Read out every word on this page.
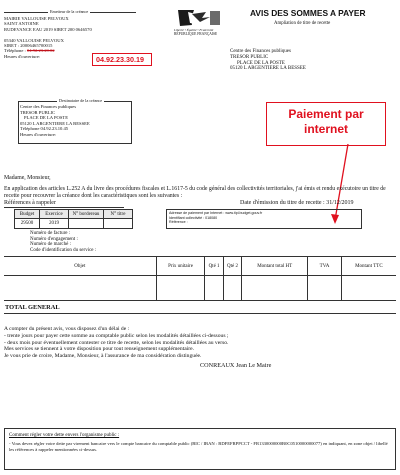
Emetteur de la créance
MAIRIE VALLOUISE PELVOUX
SAINT ANTOINE
RUDEVANCE EAU 2019 SIRET 200 0646570
05340 VALLOUISE PELVOUX
SIRET : 20006465700015
Téléphone : 04.92.23.20.02
Heures d'ouverture:	04.92.23.30.19
Liberté • Égalité • Fraternité
RÉPUBLIQUE FRANÇAISE
AVIS DES SOMMES A PAYER
Ampliation de titre de recette
Centre des Finances publiques
TRESOR PUBLIC
PLACE DE LA POSTE
05120 L ARGENTIERE LA BESSEE
Destinataire de la créance
Centre des Finances publiques
TRESOR PUBLIC
PLACE DE LA POSTE
05120 L ARGENTIERE LA BESSEE
Téléphone 04.92.23.10.45
Heures d'ouverture:
Paiement par
internet
Madame, Monsieur,
En application des articles L.252 A du livre des procédures fiscales et L.1617-5 du code général des collectivités territoriales, j'ai émis et rendu exécutoire un titre de recette pour recouvrer la créance dont les caractéristiques sont les suivantes :
Références à rappeler	Date d'émission du titre de recette : 31/12/2019
Budget	Exercice	N° bordereau	N° titre
29500	2019		
Adresse de paiement par Internet : www.tipi.budget.gouv.fr
Identifiant collectivité : 018080
Référence :
Numéro de facture :
Numéro d'engagement :
Numéro de marché :
Code d'identification du service :
Objet	Prix unitaire	Qté 1	Qté 2	Montant total HT	TVA	Montant TTC

TOTAL GENERAL						
A compter du présent avis, vous disposez d'un délai de :
- trente jours pour payer cette somme au comptable public selon les modalités détaillées ci-dessous ;
- deux mois pour éventuellement contester ce titre de recette, selon les modalités détaillées au verso.
Mes services se tiennent à votre disposition pour tout renseignement supplémentaire.
Je vous prie de croire, Madame, Monsieur, à l'assurance de ma considération distinguée.
CONREAUX Jean Le Maire
Comment régler votre dette envers l'organisme public :
- Vous devez régler votre dette par virement bancaire vers le compte bancaire du comptable public (BIC / IBAN : BDFEFRPPCCT - FR1330000000B0C0510000000077) en indiquant, en zone objet / libellé les références à rappeler mentionnées ci-dessus.
